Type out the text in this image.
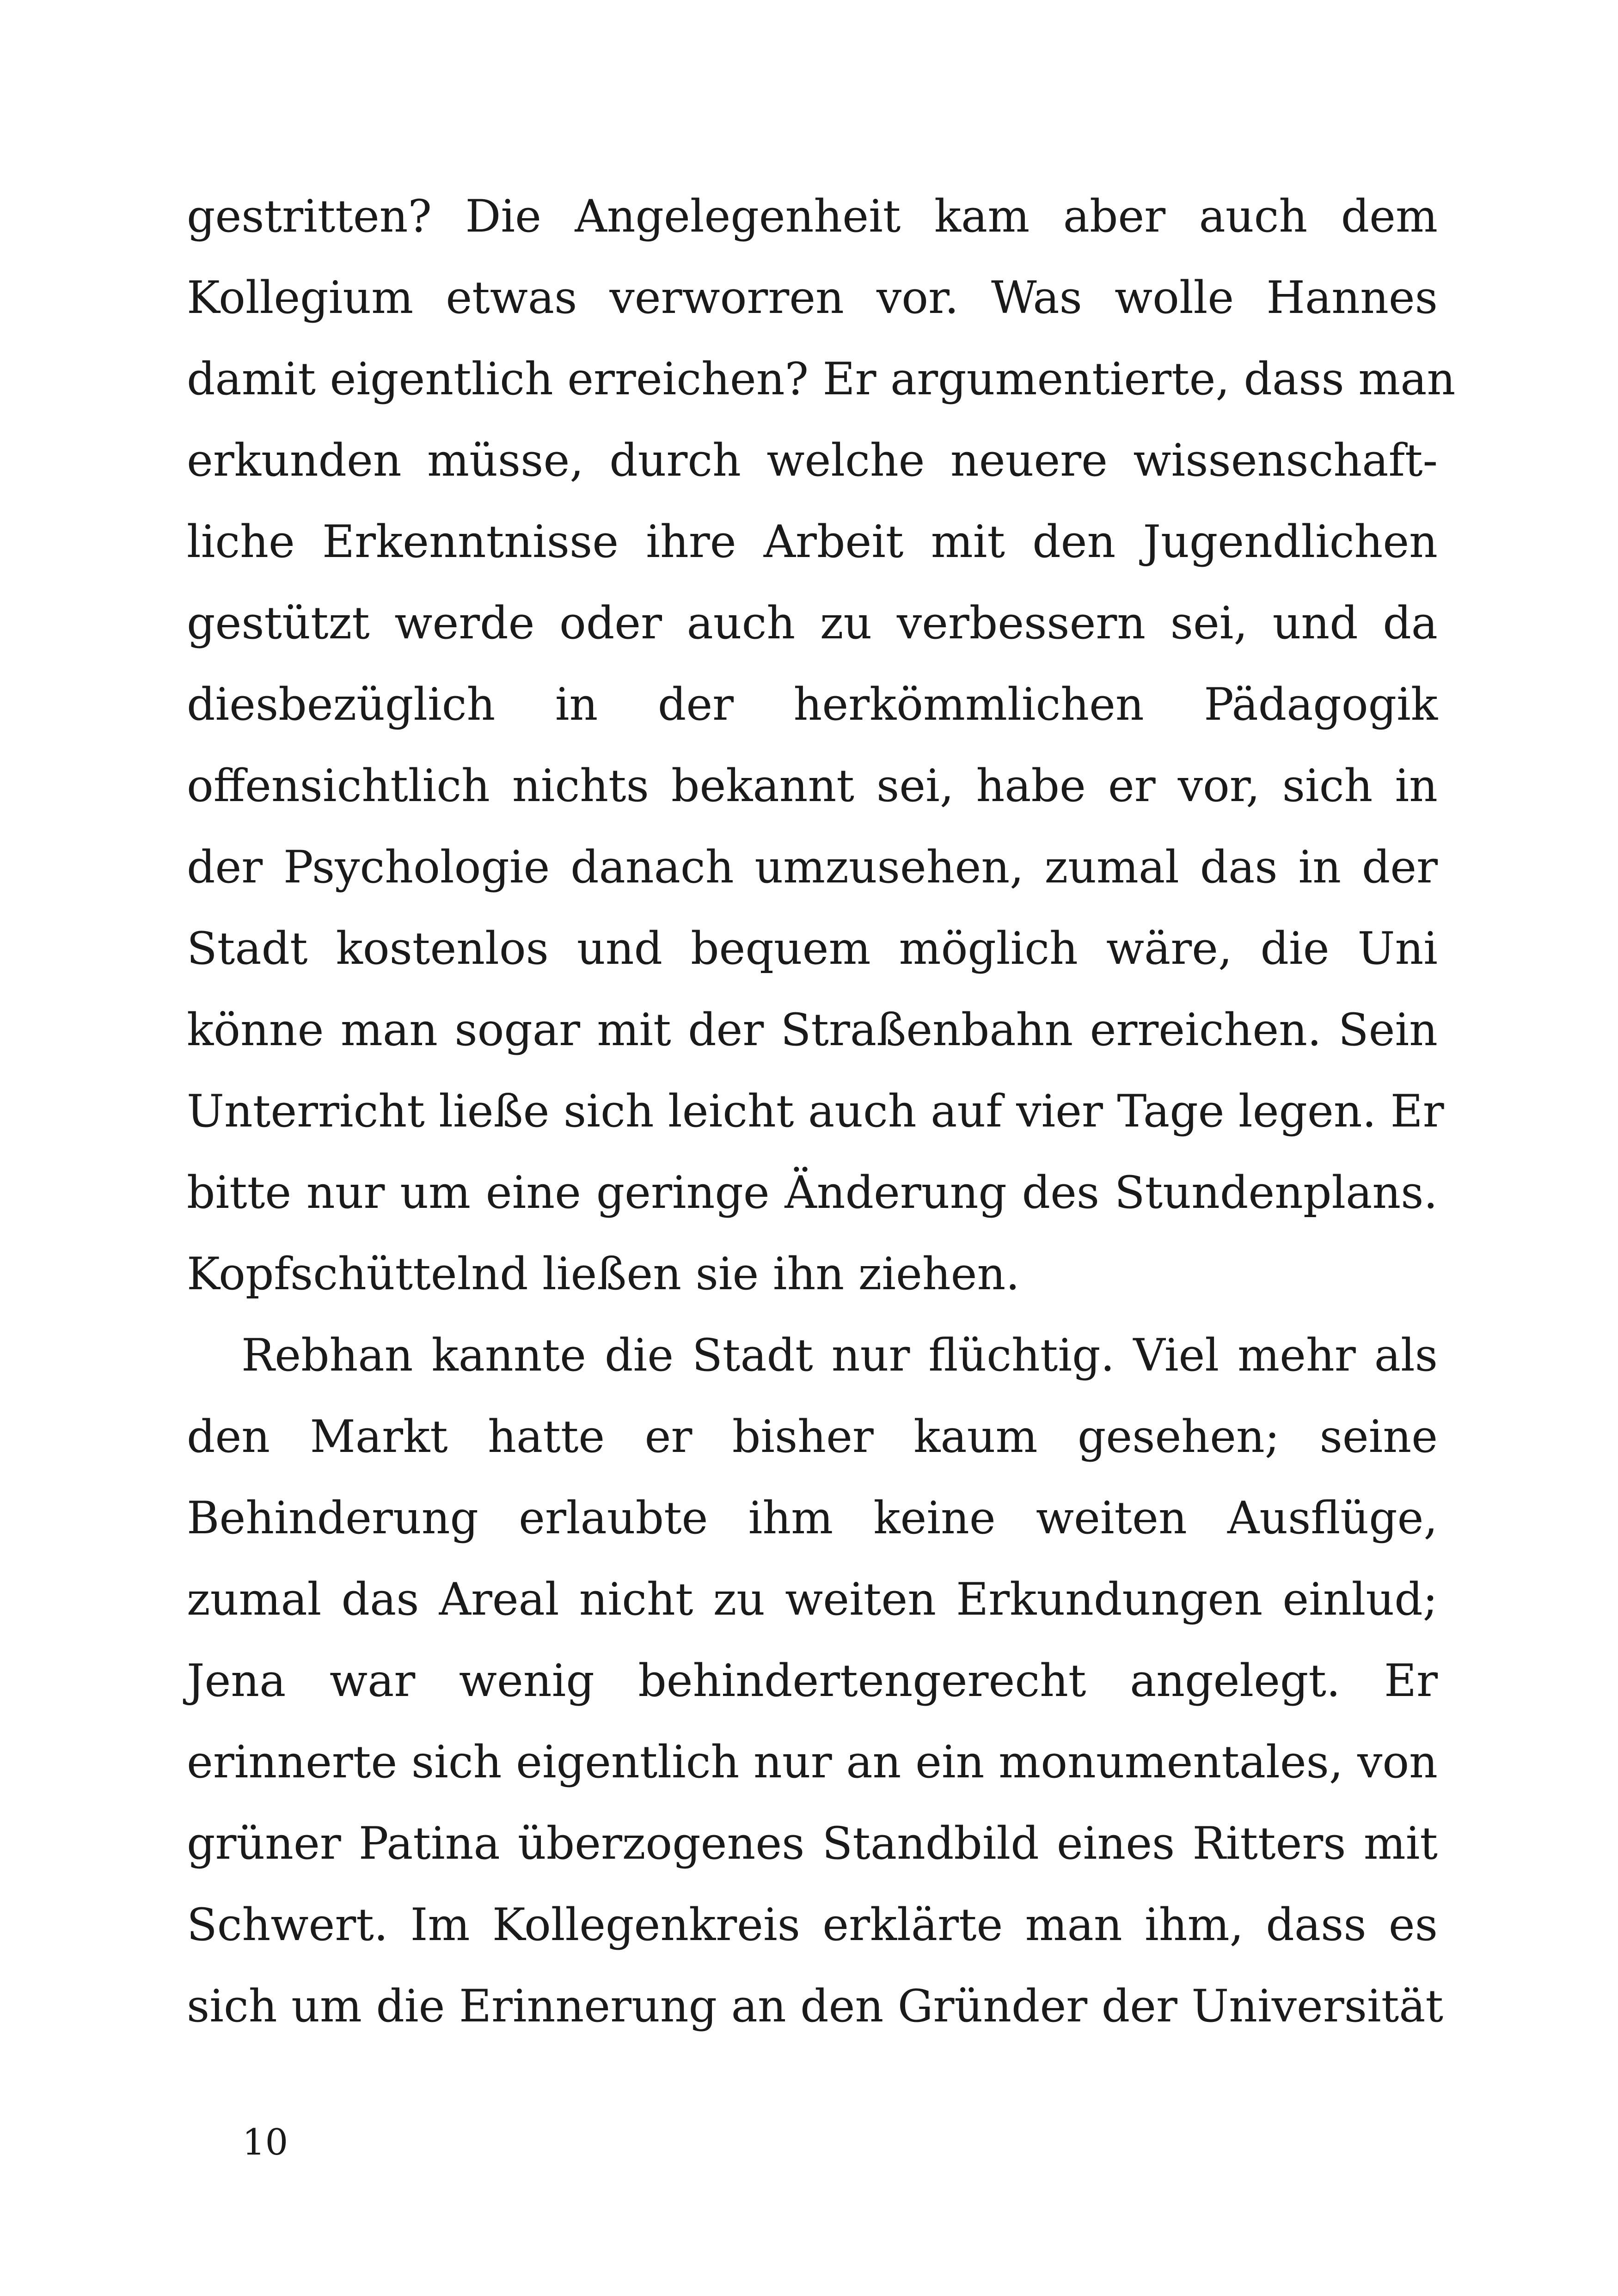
gestritten? Die Angelegenheit kam aber auch dem
Kollegium etwas verworren vor. Was wolle Hannes
damit eigentlich erreichen? Er argumentierte, dass man
erkunden müsse, durch welche neuere wissenschaft-
liche Erkenntnisse ihre Arbeit mit den Jugendlichen
gestützt werde oder auch zu verbessern sei, und da
diesbezüglich in der herkömmlichen Pädagogik
offensichtlich nichts bekannt sei, habe er vor, sich in
der Psychologie danach umzusehen, zumal das in der
Stadt kostenlos und bequem möglich wäre, die Uni
könne man sogar mit der Straßenbahn erreichen. Sein
Unterricht ließe sich leicht auch auf vier Tage legen. Er
bitte nur um eine geringe Änderung des Stundenplans.
Kopfschüttelnd ließen sie ihn ziehen.
Rebhan kannte die Stadt nur flüchtig. Viel mehr als
den Markt hatte er bisher kaum gesehen; seine
Behinderung erlaubte ihm keine weiten Ausflüge,
zumal das Areal nicht zu weiten Erkundungen einlud;
Jena war wenig behindertengerecht angelegt. Er
erinnerte sich eigentlich nur an ein monumentales, von
grüner Patina überzogenes Standbild eines Ritters mit
Schwert. Im Kollegenkreis erklärte man ihm, dass es
sich um die Erinnerung an den Gründer der Universität
10
